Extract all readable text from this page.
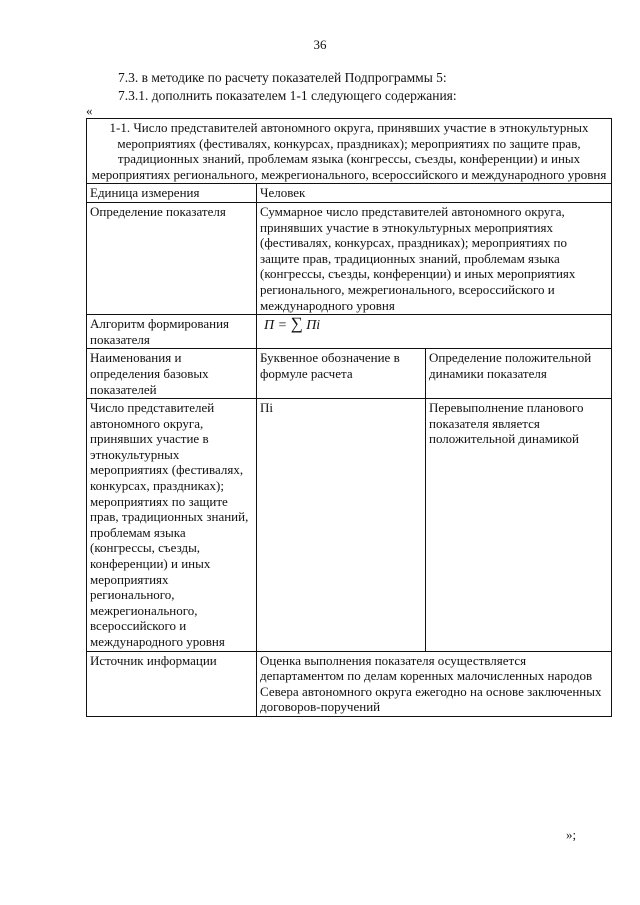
36
7.3. в методике по расчету показателей Подпрограммы 5:
7.3.1. дополнить показателем 1-1 следующего содержания:
«
1-1. Число представителей автономного округа, принявших участие в этнокультурных мероприятиях (фестивалях, конкурсах, праздниках); мероприятиях по защите прав, традиционных знаний, проблемам языка (конгрессы, съезды, конференции) и иных мероприятиях регионального, межрегионального, всероссийского и международного уровня		
Единица измерения	Человек	
Определение показателя	Суммарное число представителей автономного округа, принявших участие в этнокультурных мероприятиях (фестивалях, конкурсах, праздниках); мероприятиях по защите прав, традиционных знаний, проблемам языка (конгрессы, съезды, конференции) и иных мероприятиях регионального, межрегионального, всероссийского и международного уровня	
Алгоритм формирования показателя	П = ∑ Пi	
Наименования и определения базовых показателей	Буквенное обозначение в формуле расчета	Определение положительной динамики показателя
Число представителей автономного округа, принявших участие в этнокультурных мероприятиях (фестивалях, конкурсах, праздниках); мероприятиях по защите прав, традиционных знаний, проблемам языка (конгрессы, съезды, конференции) и иных мероприятиях регионального, межрегионального, всероссийского и международного уровня	Пi	Перевыполнение планового показателя является положительной динамикой
Источник информации	Оценка выполнения показателя осуществляется департаментом по делам коренных малочисленных народов Севера автономного округа ежегодно на основе заключенных договоров-поручений	
»;
